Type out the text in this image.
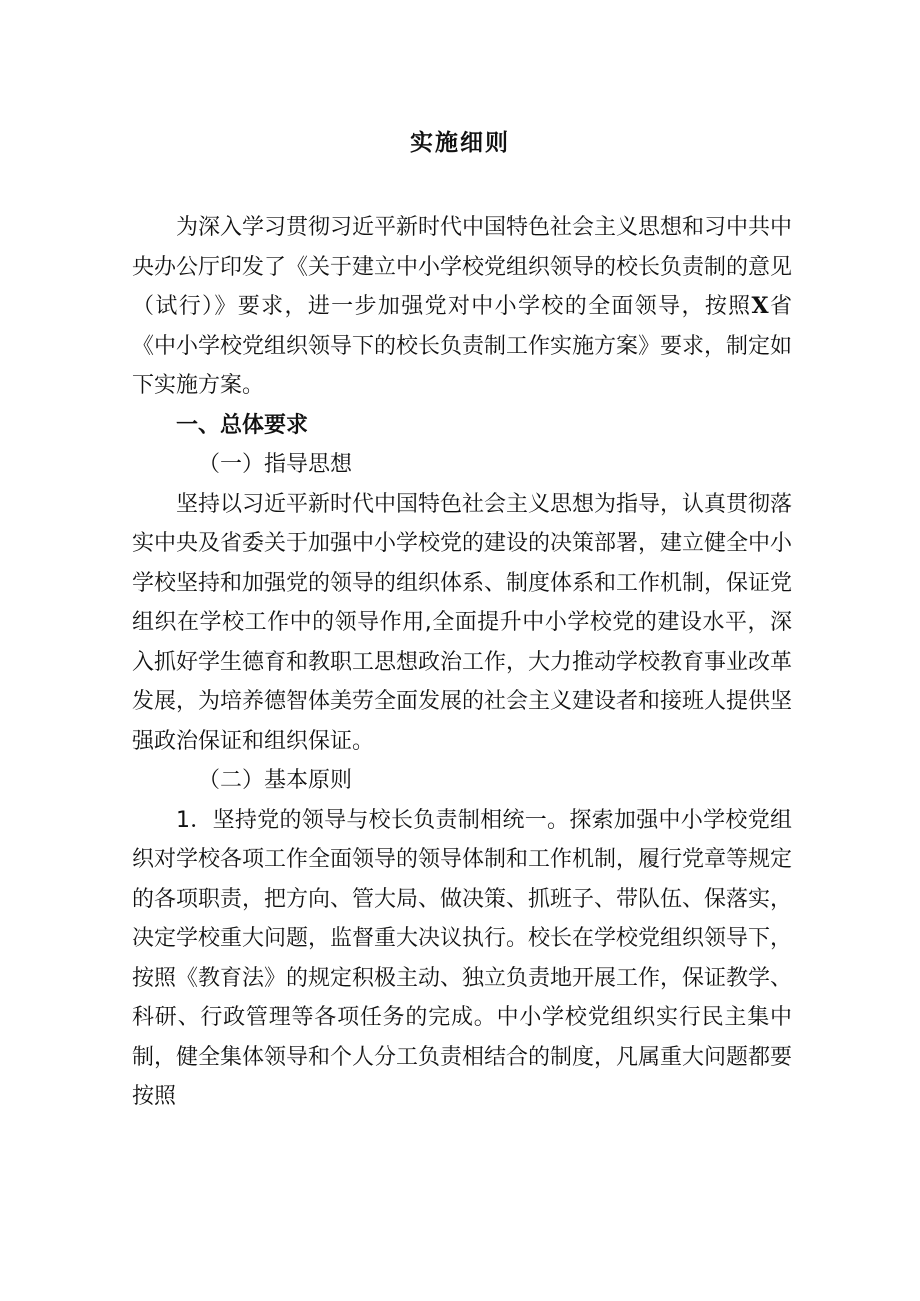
实施细则

为深入学习贯彻习近平新时代中国特色社会主义思想和习中共中央办公厅印发了《关于建立中小学校党组织领导的校长负责制的意见（试行）》要求，进一步加强党对中小学校的全面领导，按照X省《中小学校党组织领导下的校长负责制工作实施方案》要求，制定如下实施方案。

一、总体要求

（一）指导思想

坚持以习近平新时代中国特色社会主义思想为指导，认真贯彻落实中央及省委关于加强中小学校党的建设的决策部署，建立健全中小学校坚持和加强党的领导的组织体系、制度体系和工作机制，保证党组织在学校工作中的领导作用,全面提升中小学校党的建设水平，深入抓好学生德育和教职工思想政治工作，大力推动学校教育事业改革发展，为培养德智体美劳全面发展的社会主义建设者和接班人提供坚强政治保证和组织保证。

（二）基本原则

1．坚持党的领导与校长负责制相统一。探索加强中小学校党组织对学校各项工作全面领导的领导体制和工作机制，履行党章等规定的各项职责，把方向、管大局、做决策、抓班子、带队伍、保落实，决定学校重大问题，监督重大决议执行。校长在学校党组织领导下，按照《教育法》的规定积极主动、独立负责地开展工作，保证教学、科研、行政管理等各项任务的完成。中小学校党组织实行民主集中制，健全集体领导和个人分工负责相结合的制度，凡属重大问题都要按照
